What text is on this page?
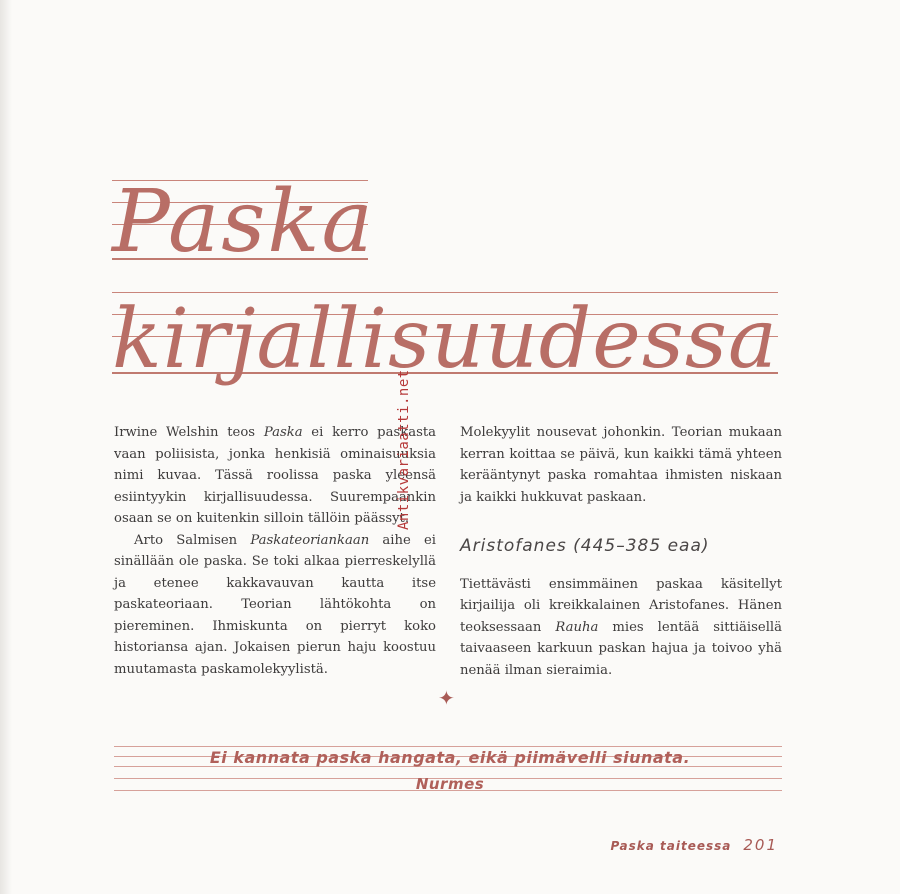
Paska
kirjallisuudessa

Irwine Welshin teos Paska ei kerro paskasta vaan poliisista, jonka henkisiä ominaisuuksia nimi kuvaa. Tässä roolissa paska yleensä esiintyykin kirjallisuudessa. Suurempaankin osaan se on kuitenkin silloin tällöin päässyt.

Arto Salmisen Paskateoriankaan aihe ei sinällään ole paska. Se toki alkaa pierreskelyllä ja etenee kakkavauvan kautta itse paskateoriaan. Teorian lähtökohta on piereminen. Ihmiskunta on pierryt koko historiansa ajan. Jokaisen pierun haju koostuu muutamasta paskamolekyylistä.

Molekyylit nousevat johonkin. Teorian mukaan kerran koittaa se päivä, kun kaikki tämä yhteen kerääntynyt paska romahtaa ihmisten niskaan ja kaikki hukkuvat paskaan.

Aristofanes (445–385 eaa)

Tiettävästi ensimmäinen paskaa käsitellyt kirjailija oli kreikkalainen Aristofanes. Hänen teoksessaan Rauha mies lentää sittiäisellä taivaaseen karkuun paskan hajua ja toivoo yhä nenää ilman sieraimia.

Antikvariaatti.net
✦
Ei kannata paska hangata, eikä piimävelli siunata.
Nurmes
Paska taiteessa 201
